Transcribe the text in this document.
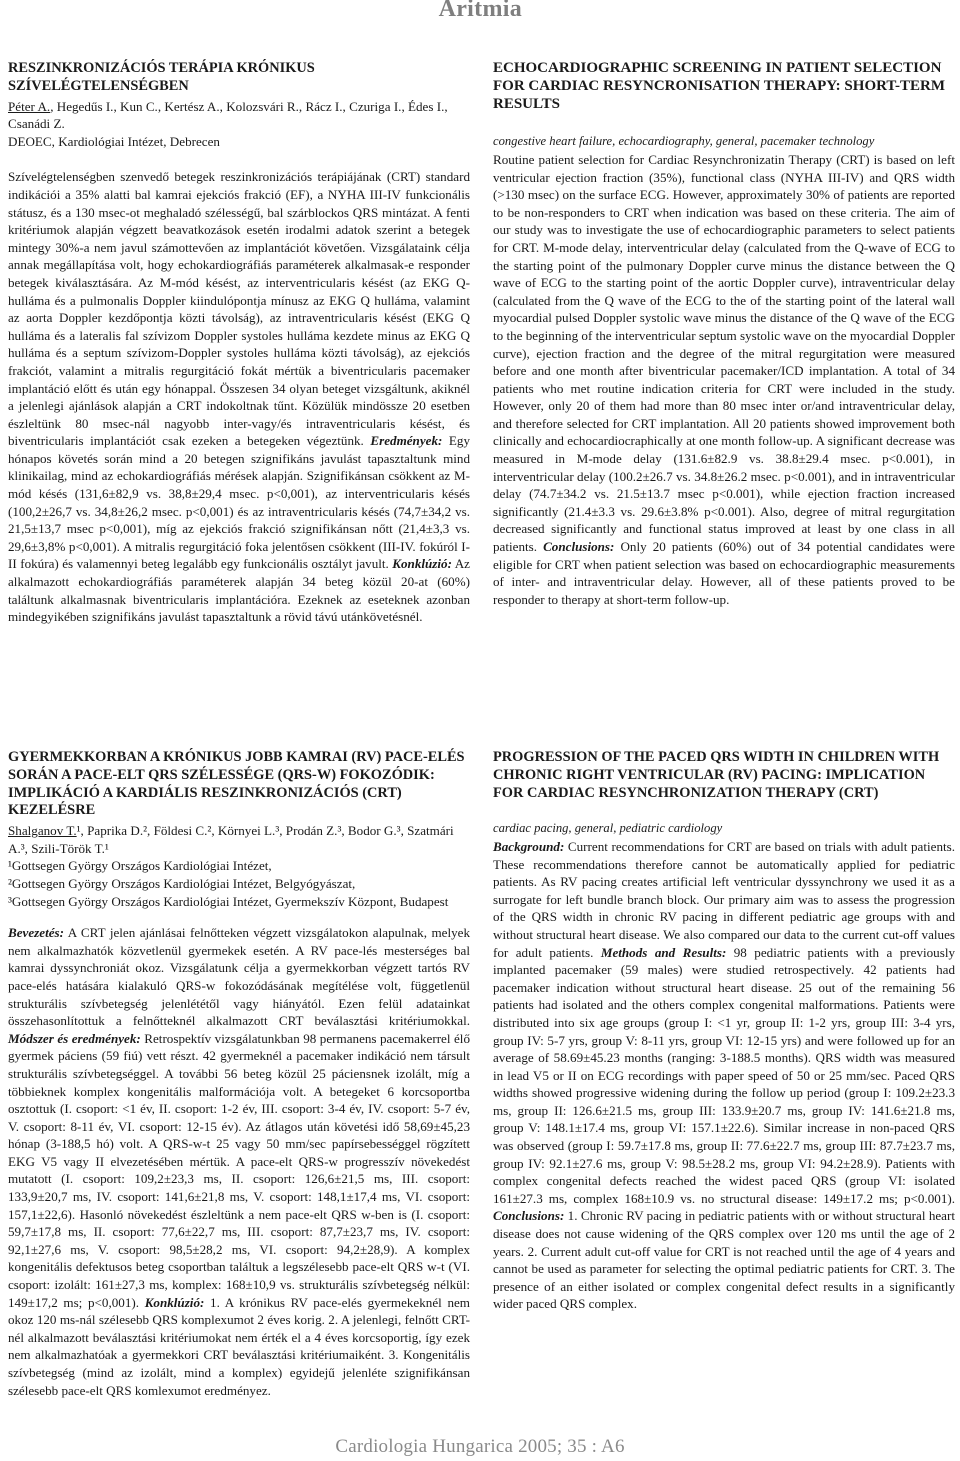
Aritmia
RESZINKRONIZÁCIÓS TERÁPIA KRÓNIKUS SZÍVELÉGTELENSÉGBEN
Péter A., Hegedűs I., Kun C., Kertész A., Kolozsvári R., Rácz I., Czuriga I., Édes I., Csanádi Z.
DEOEC, Kardiológiai Intézet, Debrecen

Szívelégtelenségben szenvedő betegek reszinkronizációs terápiájának (CRT) standard indikációi a 35% alatti bal kamrai ejekciós frakció (EF), a NYHA III-IV funkcionális státusz, és a 130 msec-ot meghaladó szélességű, bal szárblockos QRS mintázat. A fenti kritériumok alapján végzett beavatkozások esetén irodalmi adatok szerint a betegek mintegy 30%-a nem javul számottevően az implantációt követően. Vizsgálataink célja annak megállapítása volt, hogy echokardiográfiás paraméterek alkalmasak-e responder betegek kiválasztására. Az M-mód késést, az interventricularis késést (az EKG Q-hulláma és a pulmonalis Doppler kiindulópontja mínusz az EKG Q hulláma, valamint az aorta Doppler kezdőpontja közti távolság), az intraventricularis késést (EKG Q hulláma és a lateralis fal szívizom Doppler systoles hulláma kezdete minus az EKG Q hulláma és a septum szívizom-Doppler systoles hulláma közti távolság), az ejekciós frakciót, valamint a mitralis regurgitáció fokát mértük a biventricularis pacemaker implantáció előtt és után egy hónappal. Összesen 34 olyan beteget vizsgáltunk, akiknél a jelenlegi ajánlások alapján a CRT indokoltnak tűnt. Közülük mindössze 20 esetben észleltünk 80 msec-nál nagyobb inter-vagy/és intraventricularis késést, és biventricularis implantációt csak ezeken a betegeken végeztünk. Eredmények: Egy hónapos követés során mind a 20 betegen szignifikáns javulást tapasztaltunk mind klinikailag, mind az echokardiográfiás mérések alapján. Szignifikánsan csökkent az M-mód késés (131,6±82,9 vs. 38,8±29,4 msec. p<0,001), az interventricularis késés (100,2±26,7 vs. 34,8±26,2 msec. p<0,001) és az intraventricularis késés (74,7±34,2 vs. 21,5±13,7 msec p<0,001), míg az ejekciós frakció szignifikánsan nőtt (21,4±3,3 vs. 29,6±3,8% p<0,001). A mitralis regurgitáció foka jelentősen csökkent (III-IV. fokúról I-II fokúra) és valamennyi beteg legalább egy funkcionális osztályt javult. Konklúzió: Az alkalmazott echokardiográfiás paraméterek alapján 34 beteg közül 20-at (60%) találtunk alkalmasnak biventricularis implantációra. Ezeknek az eseteknek azonban mindegyikében szignifikáns javulást tapasztaltunk a rövid távú utánkövetésnél.

ECHOCARDIOGRAPHIC SCREENING IN PATIENT SELECTION FOR CARDIAC RESYNCRONISATION THERAPY: SHORT-TERM RESULTS
congestive heart failure, echocardiography, general, pacemaker technology

Routine patient selection for Cardiac Resynchronizatin Therapy (CRT) is based on left ventricular ejection fraction (35%), functional class (NYHA III-IV) and QRS width (>130 msec) on the surface ECG. However, approximately 30% of patients are reported to be non-responders to CRT when indication was based on these criteria. The aim of our study was to investigate the use of echocardiographic parameters to select patients for CRT. M-mode delay, interventricular delay (calculated from the Q-wave of ECG to the starting point of the pulmonary Doppler curve minus the distance between the Q wave of ECG to the starting point of the aortic Doppler curve), intraventricular delay (calculated from the Q wave of the ECG to the of the starting point of the lateral wall myocardial pulsed Doppler systolic wave minus the distance of the Q wave of the ECG to the beginning of the interventricular septum systolic wave on the myocardial Doppler curve), ejection fraction and the degree of the mitral regurgitation were measured before and one month after biventricular pacemaker/ICD implantation. A total of 34 patients who met routine indication criteria for CRT were included in the study. However, only 20 of them had more than 80 msec inter or/and intraventricular delay, and therefore selected for CRT implantation. All 20 patients showed improvement both clinically and echocardiocraphically at one month follow-up. A significant decrease was measured in M-mode delay (131.6±82.9 vs. 38.8±29.4 msec. p<0.001), in interventricular delay (100.2±26.7 vs. 34.8±26.2 msec. p<0.001), and in intraventricular delay (74.7±34.2 vs. 21.5±13.7 msec p<0.001), while ejection fraction increased significantly (21.4±3.3 vs. 29.6±3.8% p<0.001). Also, degree of mitral regurgitation decreased significantly and functional status improved at least by one class in all patients. Conclusions: Only 20 patients (60%) out of 34 potential candidates were eligible for CRT when patient selection was based on echocardiographic measurements of inter- and intraventricular delay. However, all of these patients proved to be responder to therapy at short-term follow-up.

GYERMEKKORBAN A KRÓNIKUS JOBB KAMRAI (RV) PACE-ELÉS SORÁN A PACE-ELT QRS SZÉLESSÉGE (QRS-W) FOKOZÓDIK: IMPLIKÁCIÓ A KARDIÁLIS RESZINKRONIZÁCIÓS (CRT) KEZELÉSRE
Shalganov T.¹, Paprika D.², Földesi C.², Környei L.³, Prodán Z.³, Bodor G.³, Szatmári A.³, Szili-Török T.¹
¹Gottsegen György Országos Kardiológiai Intézet,
²Gottsegen György Országos Kardiológiai Intézet, Belgyógyászat,
³Gottsegen György Országos Kardiológiai Intézet, Gyermekszív Központ, Budapest

Bevezetés: A CRT jelen ajánlásai felnőtteken végzett vizsgálatokon alapulnak, melyek nem alkalmazhatók közvetlenül gyermekek esetén. A RV pace-lés mesterséges bal kamrai dyssynchroniát okoz. Vizsgálatunk célja a gyermekkorban végzett tartós RV pace-elés hatására kialakuló QRS-w fokozódásának megítélése volt, függetlenül strukturális szívbetegség jelenlététől vagy hiányától. Ezen felül adatainkat összehasonlítottuk a felnőtteknél alkalmazott CRT beválasztási kritériumokkal. Módszer és eredmények: Retrospektív vizsgálatunkban 98 permanens pacemakerrel élő gyermek páciens (59 fiú) vett részt. 42 gyermeknél a pacemaker indikáció nem társult strukturális szívbetegséggel. A további 56 beteg közül 25 páciensnek izolált, míg a többieknek komplex kongenitális malformációja volt. A betegeket 6 korcsoportba osztottuk (I. csoport: <1 év, II. csoport: 1-2 év, III. csoport: 3-4 év, IV. csoport: 5-7 év, V. csoport: 8-11 év, VI. csoport: 12-15 év). Az átlagos után követési idő 58,69±45,23 hónap (3-188,5 hó) volt. A QRS-w-t 25 vagy 50 mm/sec papírsebességgel rögzített EKG V5 vagy II elvezetésében mértük. A pace-elt QRS-w progresszív növekedést mutatott (I. csoport: 109,2±23,3 ms, II. csoport: 126,6±21,5 ms, III. csoport: 133,9±20,7 ms, IV. csoport: 141,6±21,8 ms, V. csoport: 148,1±17,4 ms, VI. csoport: 157,1±22,6). Hasonló növekedést észleltünk a nem pace-elt QRS w-ben is (I. csoport: 59,7±17,8 ms, II. csoport: 77,6±22,7 ms, III. csoport: 87,7±23,7 ms, IV. csoport: 92,1±27,6 ms, V. csoport: 98,5±28,2 ms, VI. csoport: 94,2±28,9). A komplex kongenitális defektusos beteg csoportban találtuk a legszélesebb pace-elt QRS w-t (VI. csoport: izolált: 161±27,3 ms, komplex: 168±10,9 vs. strukturális szívbetegség nélkül: 149±17,2 ms; p<0,001). Konklúzió: 1. A krónikus RV pace-elés gyermekeknél nem okoz 120 ms-nál szélesebb QRS komplexumot 2 éves korig. 2. A jelenlegi, felnőtt CRT-nél alkalmazott beválasztási kritériumokat nem érték el a 4 éves korcsoportig, így ezek nem alkalmazhatóak a gyermekkori CRT beválasztási kritériumaiként. 3. Kongenitális szívbetegség (mind az izolált, mind a komplex) egyidejű jelenléte szignifikánsan szélesebb pace-elt QRS komlexumot eredményez.

PROGRESSION OF THE PACED QRS WIDTH IN CHILDREN WITH CHRONIC RIGHT VENTRICULAR (RV) PACING: IMPLICATION FOR CARDIAC RESYNCHRONIZATION THERAPY (CRT)
cardiac pacing, general, pediatric cardiology

Background: Current recommendations for CRT are based on trials with adult patients. These recommendations therefore cannot be automatically applied for pediatric patients. As RV pacing creates artificial left ventricular dyssynchrony we used it as a surrogate for left bundle branch block. Our primary aim was to assess the progression of the QRS width in chronic RV pacing in different pediatric age groups with and without structural heart disease. We also compared our data to the current cut-off values for adult patients. Methods and Results: 98 pediatric patients with a previously implanted pacemaker (59 males) were studied retrospectively. 42 patients had pacemaker indication without structural heart disease. 25 out of the remaining 56 patients had isolated and the others complex congenital malformations. Patients were distributed into six age groups (group I: <1 yr, group II: 1-2 yrs, group III: 3-4 yrs, group IV: 5-7 yrs, group V: 8-11 yrs, group VI: 12-15 yrs) and were followed up for an average of 58.69±45.23 months (ranging: 3-188.5 months). QRS width was measured in lead V5 or II on ECG recordings with paper speed of 50 or 25 mm/sec. Paced QRS widths showed progressive widening during the follow up period (group I: 109.2±23.3 ms, group II: 126.6±21.5 ms, group III: 133.9±20.7 ms, group IV: 141.6±21.8 ms, group V: 148.1±17.4 ms, group VI: 157.1±22.6). Similar increase in non-paced QRS was observed (group I: 59.7±17.8 ms, group II: 77.6±22.7 ms, group III: 87.7±23.7 ms, group IV: 92.1±27.6 ms, group V: 98.5±28.2 ms, group VI: 94.2±28.9). Patients with complex congenital defects reached the widest paced QRS (group VI: isolated 161±27.3 ms, complex 168±10.9 vs. no structural disease: 149±17.2 ms; p<0.001). Conclusions: 1. Chronic RV pacing in pediatric patients with or without structural heart disease does not cause widening of the QRS complex over 120 ms until the age of 2 years. 2. Current adult cut-off value for CRT is not reached until the age of 4 years and cannot be used as parameter for selecting the optimal pediatric patients for CRT. 3. The presence of an either isolated or complex congenital defect results in a significantly wider paced QRS complex.

Cardiologia Hungarica 2005; 35 : A6
